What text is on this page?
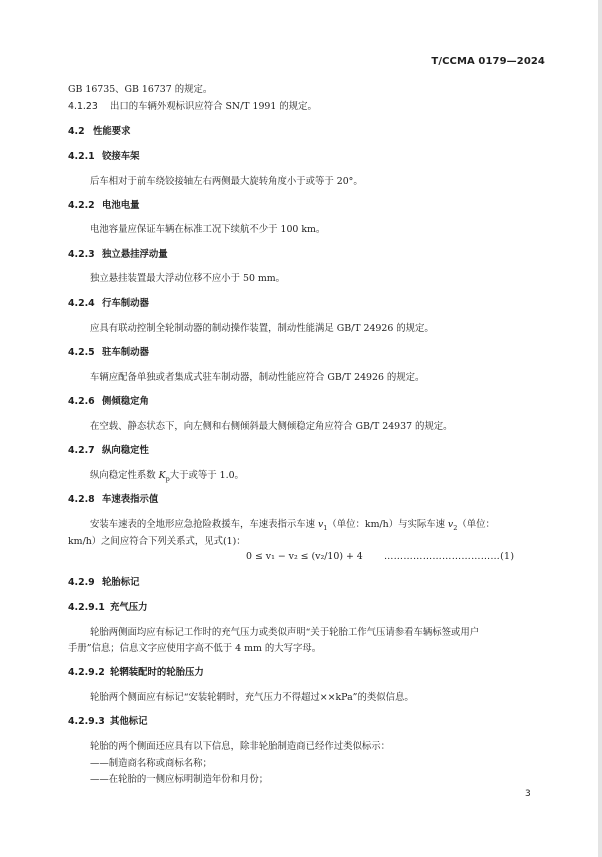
T/CCMA 0179—2024
GB 16735、GB 16737 的规定。
4.1.23 出口的车辆外观标识应符合 SN/T 1991 的规定。
4.2 性能要求
4.2.1 铰接车架
后车相对于前车绕铰接轴左右两侧最大旋转角度小于或等于 20°。
4.2.2 电池电量
电池容量应保证车辆在标准工况下续航不少于 100 km。
4.2.3 独立悬挂浮动量
独立悬挂装置最大浮动位移不应小于 50 mm。
4.2.4 行车制动器
应具有联动控制全轮制动器的制动操作装置，制动性能满足 GB/T 24926 的规定。
4.2.5 驻车制动器
车辆应配备单独或者集成式驻车制动器，制动性能应符合 GB/T 24926 的规定。
4.2.6 侧倾稳定角
在空载、静态状态下，向左侧和右侧倾斜最大侧倾稳定角应符合 GB/T 24937 的规定。
4.2.7 纵向稳定性
纵向稳定性系数 $K_p$大于或等于 1.0。
4.2.8 车速表指示值
安装车速表的全地形应急抢险救援车，车速表指示车速 $v_1$（单位：km/h）与实际车速 $v_2$（单位：
km/h）之间应符合下列关系式，见式(1)：
0 ≤ v₁ − v₂ ≤ (v₂/10) + 4 ………………………………(1)
4.2.9 轮胎标记
4.2.9.1 充气压力
轮胎两侧面均应有标记工作时的充气压力或类似声明“关于轮胎工作气压请参看车辆标签或用户
手册”信息；信息文字应使用字高不低于 4 mm 的大写字母。
4.2.9.2 轮辋装配时的轮胎压力
轮胎两个侧面应有标记“安装轮辋时，充气压力不得超过××kPa”的类似信息。
4.2.9.3 其他标记
轮胎的两个侧面还应具有以下信息，除非轮胎制造商已经作过类似标示：
——制造商名称或商标名称；
——在轮胎的一侧应标明制造年份和月份；
3
